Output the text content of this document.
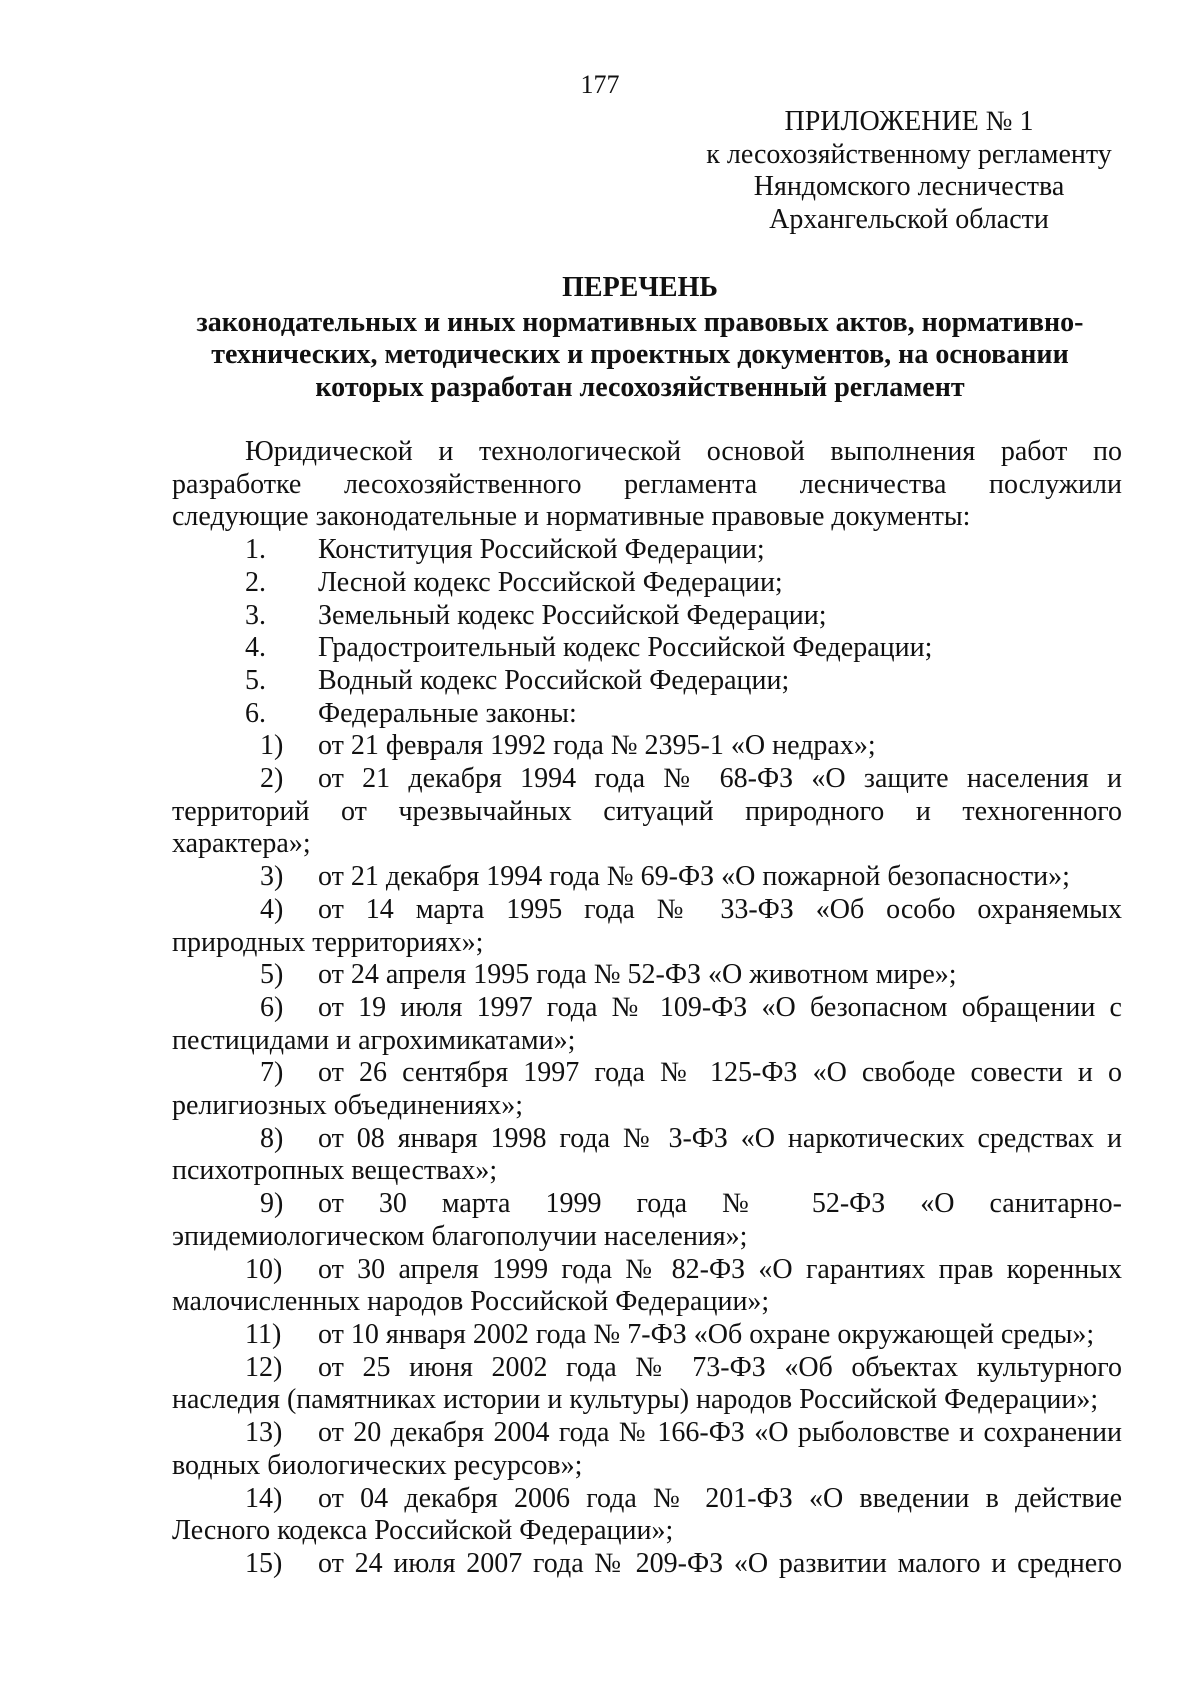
177
ПРИЛОЖЕНИЕ № 1
к лесохозяйственному регламенту
Няндомского лесничества
Архангельской области
ПЕРЕЧЕНЬ
законодательных и иных нормативных правовых актов, нормативно-
технических, методических и проектных документов, на основании
которых разработан лесохозяйственный регламент

Юридической и технологической основой выполнения работ по

разработке лесохозяйственного регламента лесничества послужили

следующие законодательные и нормативные правовые документы:

1.	Конституция Российской Федерации;

2.	Лесной кодекс Российской Федерации;

3.	Земельный кодекс Российской Федерации;

4.	Градостроительный кодекс Российской Федерации;

5.	Водный кодекс Российской Федерации;

6.	Федеральные законы:

1)	от 21 февраля 1992 года № 2395-1 «О недрах»;

2)	от 21 декабря 1994 года № 68-ФЗ «О защите населения и

территорий от чрезвычайных ситуаций природного и техногенного

характера»;

3)	от 21 декабря 1994 года № 69-ФЗ «О пожарной безопасности»;

4)	от 14 марта 1995 года № 33-ФЗ «Об особо охраняемых

природных территориях»;

5)	от 24 апреля 1995 года № 52-ФЗ «О животном мире»;

6)	от 19 июля 1997 года № 109-ФЗ «О безопасном обращении с

пестицидами и агрохимикатами»;

7)	от 26 сентября 1997 года № 125-ФЗ «О свободе совести и о

религиозных объединениях»;

8)	от 08 января 1998 года № 3-ФЗ «О наркотических средствах и

психотропных веществах»;

9)	от 30 марта 1999 года № 52-ФЗ «О санитарно-

эпидемиологическом благополучии населения»;

10)	от 30 апреля 1999 года № 82-ФЗ «О гарантиях прав коренных

малочисленных народов Российской Федерации»;

11)	от 10 января 2002 года № 7-ФЗ «Об охране окружающей среды»;

12)	от 25 июня 2002 года № 73-ФЗ «Об объектах культурного

наследия (памятниках истории и культуры) народов Российской Федерации»;

13)	от 20 декабря 2004 года № 166-ФЗ «О рыболовстве и сохранении

водных биологических ресурсов»;

14)	от 04 декабря 2006 года № 201-ФЗ «О введении в действие

Лесного кодекса Российской Федерации»;

15)	от 24 июля 2007 года № 209-ФЗ «О развитии малого и среднего
